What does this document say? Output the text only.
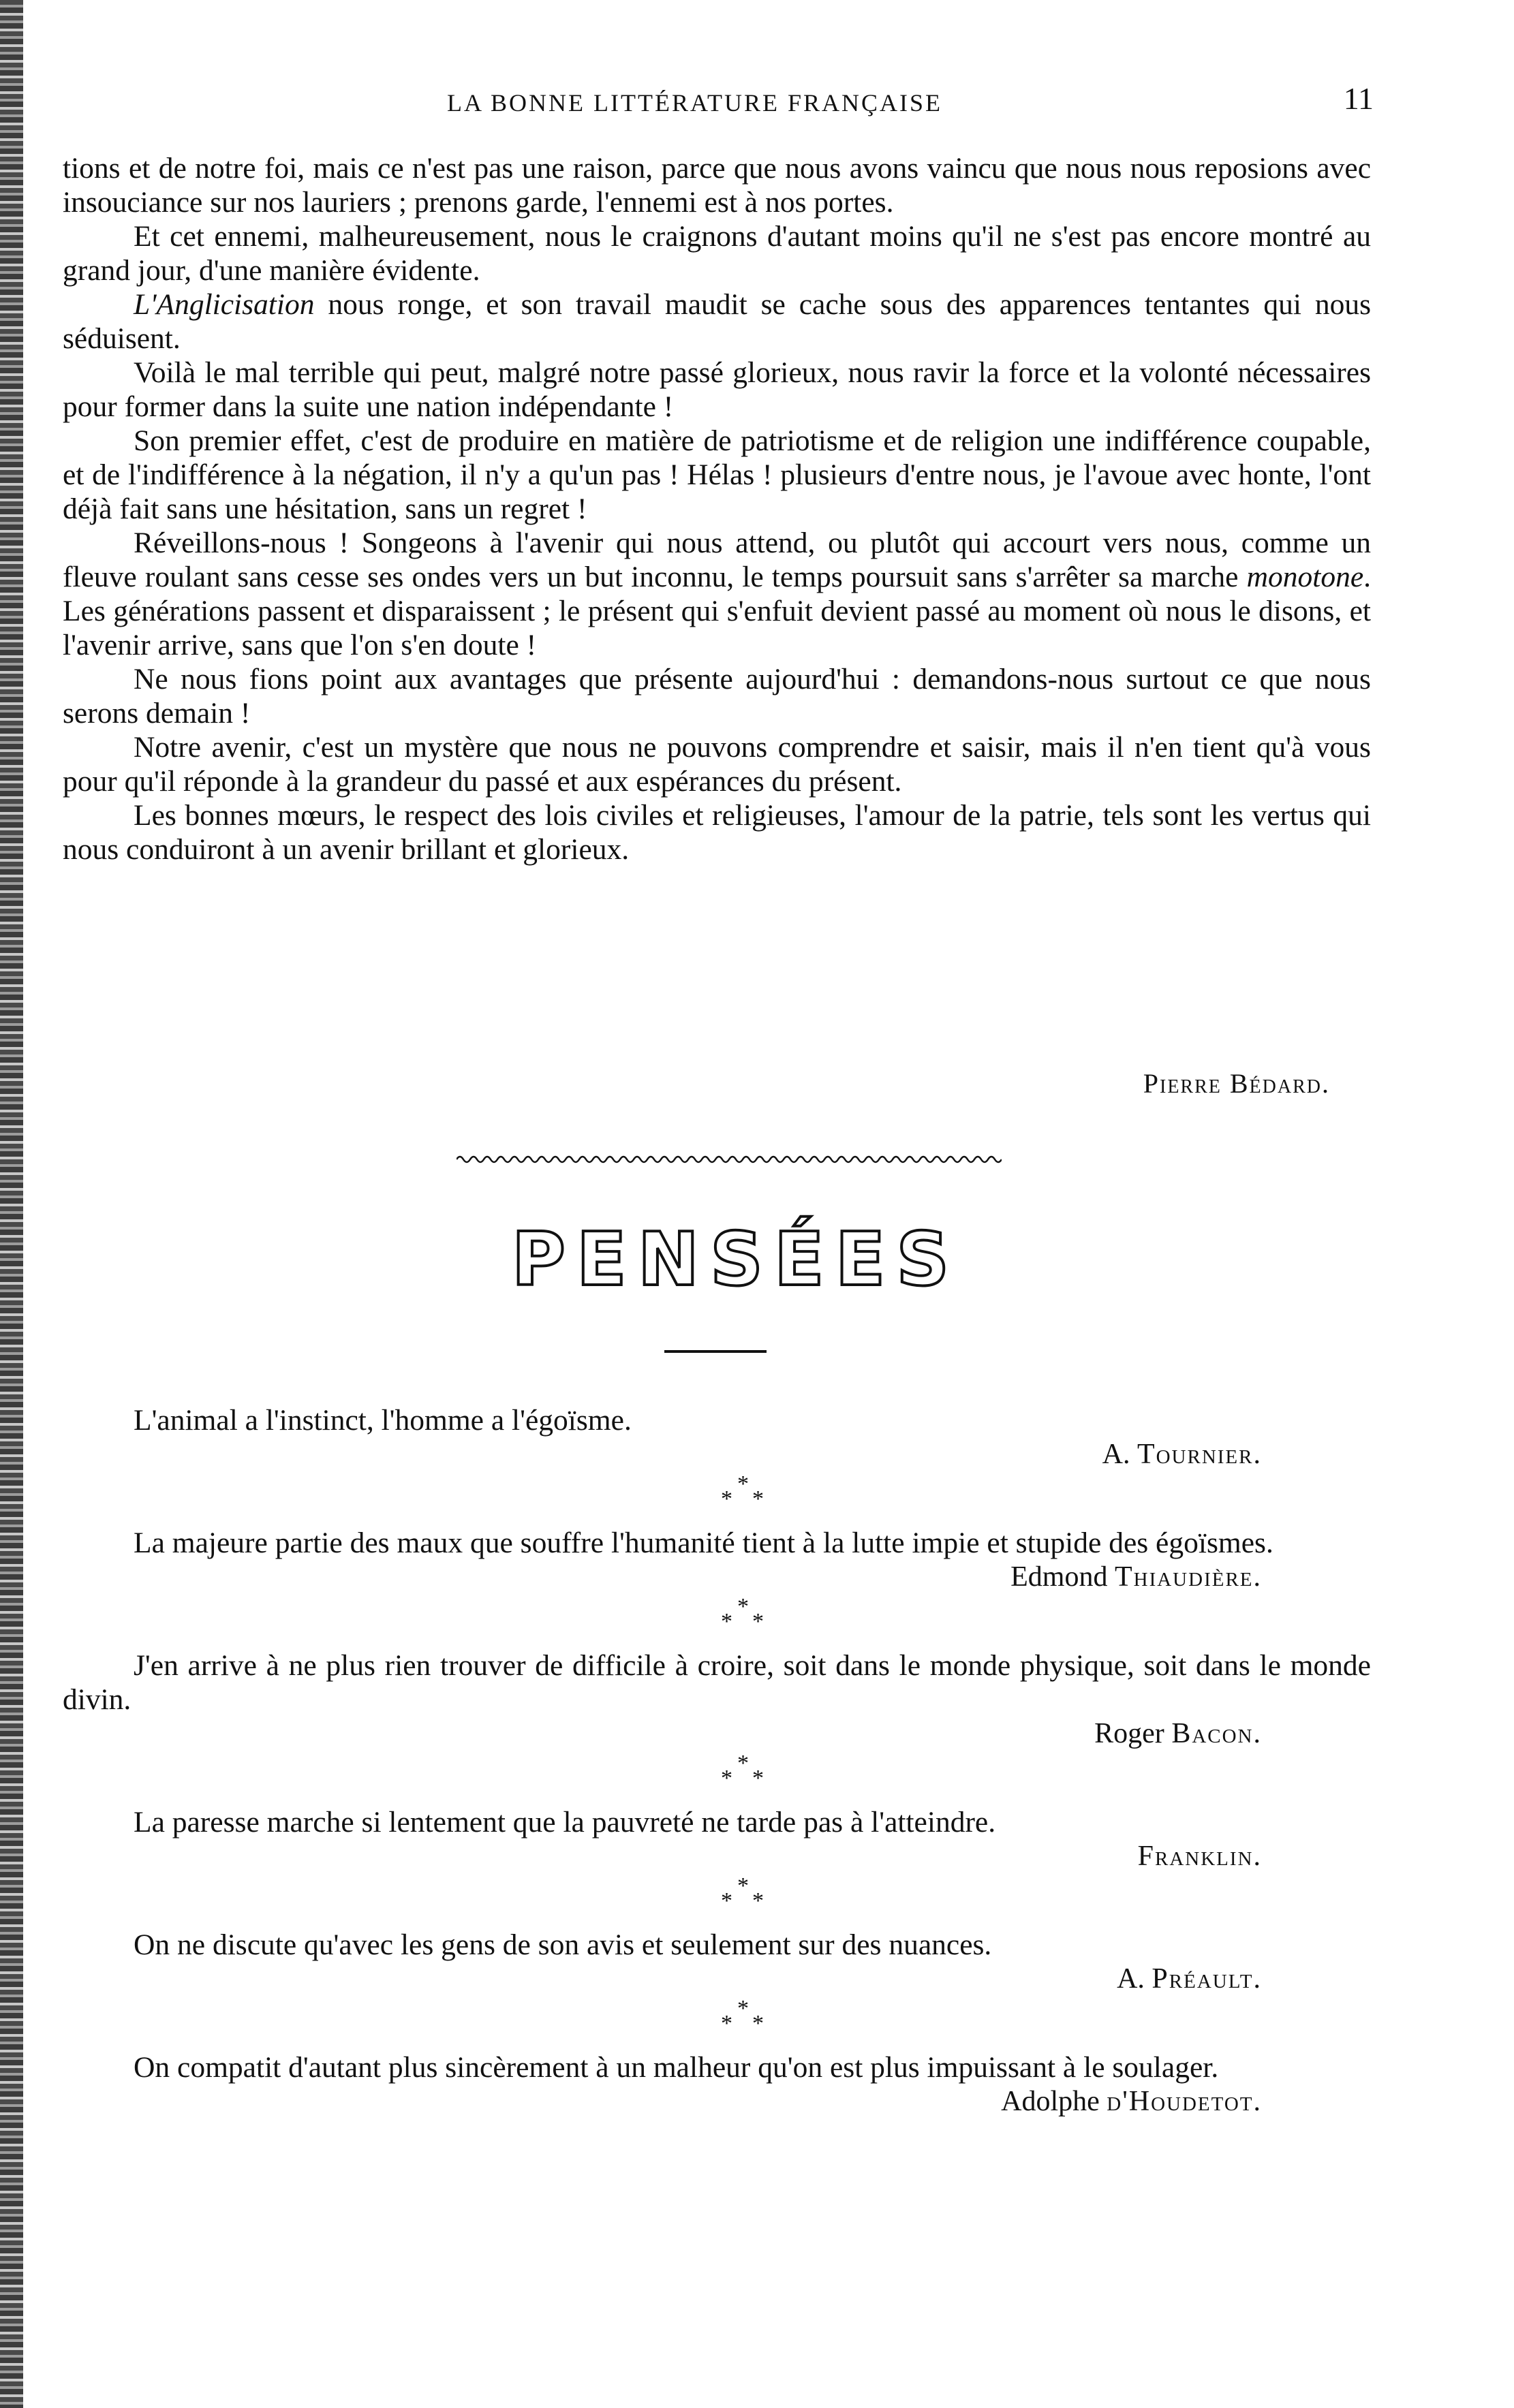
LA BONNE LITTÉRATURE FRANÇAISE	11

tions et de notre foi, mais ce n'est pas une raison, parce que nous avons vaincu que nous nous reposions avec insouciance sur nos lauriers ; prenons garde, l'ennemi est à nos portes.

Et cet ennemi, malheureusement, nous le craignons d'autant moins qu'il ne s'est pas encore montré au grand jour, d'une manière évidente.

L'Anglicisation nous ronge, et son travail maudit se cache sous des apparences tentantes qui nous séduisent.

Voilà le mal terrible qui peut, malgré notre passé glorieux, nous ravir la force et la volonté nécessaires pour former dans la suite une nation indépendante !

Son premier effet, c'est de produire en matière de patriotisme et de religion une indifférence coupable, et de l'indifférence à la négation, il n'y a qu'un pas ! Hélas ! plusieurs d'entre nous, je l'avoue avec honte, l'ont déjà fait sans une hésitation, sans un regret !

Réveillons-nous ! Songeons à l'avenir qui nous attend, ou plutôt qui accourt vers nous, comme un fleuve roulant sans cesse ses ondes vers un but inconnu, le temps poursuit sans s'arrêter sa marche monotone. Les générations passent et disparaissent ; le présent qui s'enfuit devient passé au moment où nous le disons, et l'avenir arrive, sans que l'on s'en doute !

Ne nous fions point aux avantages que présente aujourd'hui : demandons-nous surtout ce que nous serons demain !

Notre avenir, c'est un mystère que nous ne pouvons comprendre et saisir, mais il n'en tient qu'à vous pour qu'il réponde à la grandeur du passé et aux espérances du présent.

Les bonnes mœurs, le respect des lois civiles et religieuses, l'amour de la patrie, tels sont les vertus qui nous conduiront à un avenir brillant et glorieux.

Pierre Bédard.
PENSÉES

L'animal a l'instinct, l'homme a l'égoïsme.

A. Tournier.

*
* *

La majeure partie des maux que souffre l'humanité tient à la lutte impie et stupide des égoïsmes.

Edmond Thiaudière.

*
* *

J'en arrive à ne plus rien trouver de difficile à croire, soit dans le monde physique, soit dans le monde divin.

Roger Bacon.

*
* *

La paresse marche si lentement que la pauvreté ne tarde pas à l'atteindre.

Franklin.

*
* *

On ne discute qu'avec les gens de son avis et seulement sur des nuances.

A. Préault.

*
* *

On compatit d'autant plus sincèrement à un malheur qu'on est plus impuissant à le soulager.

Adolphe d'Houdetot.
